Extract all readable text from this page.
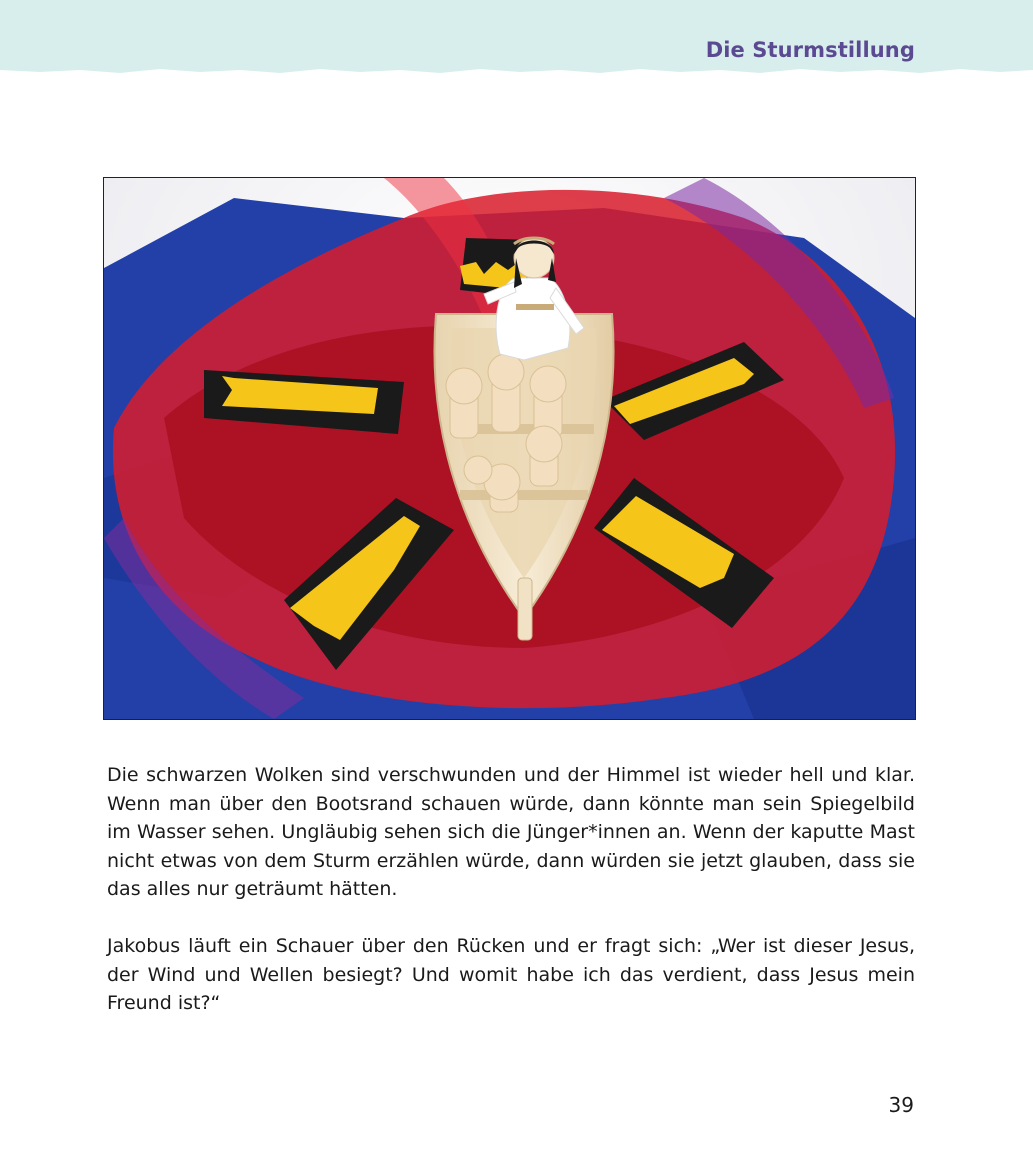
Die Sturmstillung

Die schwarzen Wolken sind verschwunden und der Himmel ist wieder hell und klar. Wenn man über den Bootsrand schauen würde, dann könnte man sein Spiegelbild im Wasser sehen. Ungläubig sehen sich die Jünger*innen an. Wenn der kaputte Mast nicht etwas von dem Sturm erzählen würde, dann würden sie jetzt glauben, dass sie das alles nur geträumt hätten.

Jakobus läuft ein Schauer über den Rücken und er fragt sich: „Wer ist dieser Jesus, der Wind und Wellen besiegt? Und womit habe ich das verdient, dass Jesus mein Freund ist?“

39
